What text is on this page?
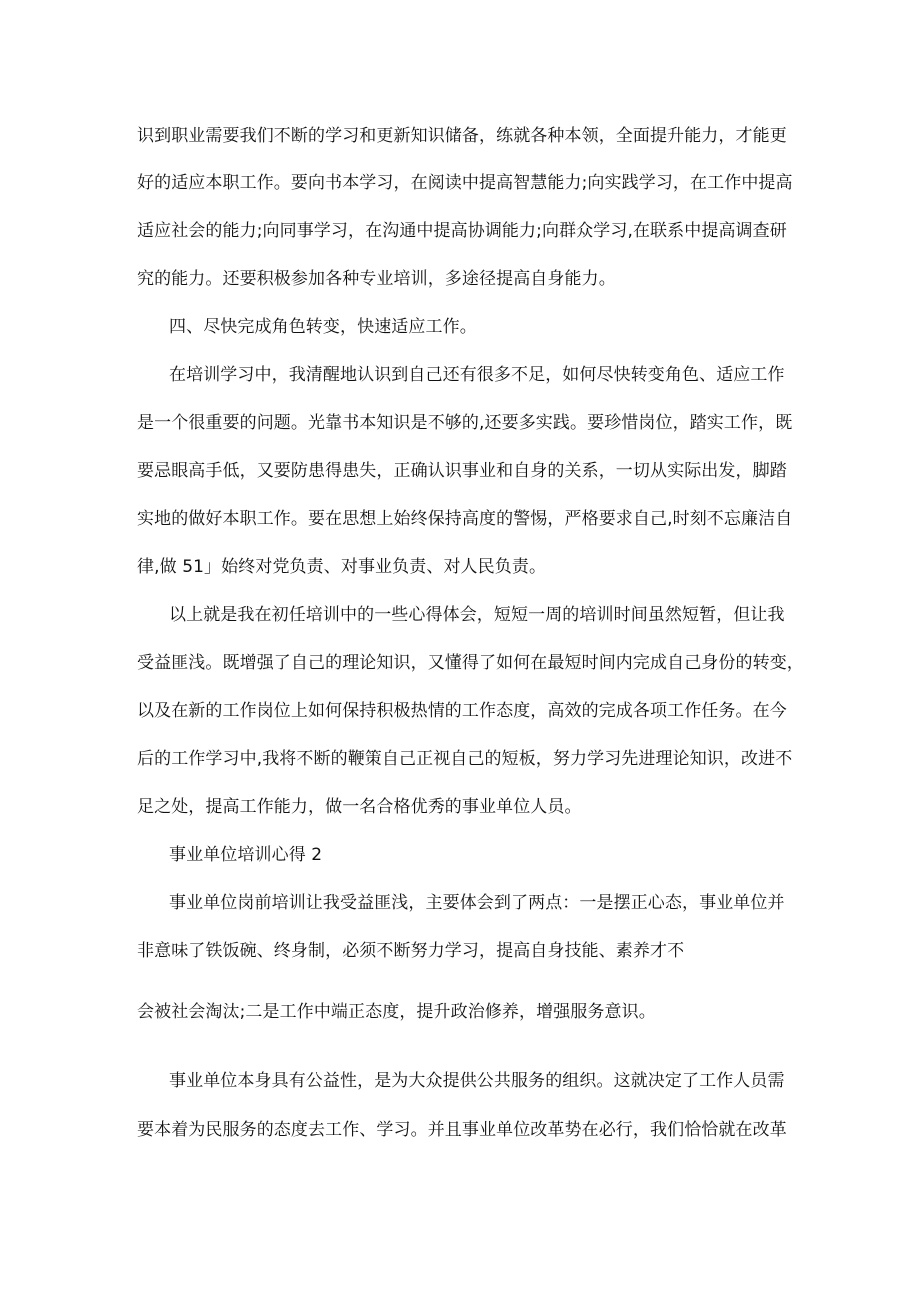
识到职业需要我们不断的学习和更新知识储备，练就各种本领，全面提升能力，才能更
好的适应本职工作。要向书本学习，在阅读中提高智慧能力;向实践学习，在工作中提高
适应社会的能力;向同事学习，在沟通中提高协调能力;向群众学习,在联系中提高调查研
究的能力。还要积极参加各种专业培训，多途径提高自身能力。
四、尽快完成角色转变，快速适应工作。
在培训学习中，我清醒地认识到自己还有很多不足，如何尽快转变角色、适应工作
是一个很重要的问题。光靠书本知识是不够的,还要多实践。要珍惜岗位，踏实工作，既
要忌眼高手低，又要防患得患失，正确认识事业和自身的关系，一切从实际出发，脚踏
实地的做好本职工作。要在思想上始终保持高度的警惕，严格要求自己,时刻不忘廉洁自
律,做 51」始终对党负责、对事业负责、对人民负责。
以上就是我在初任培训中的一些心得体会，短短一周的培训时间虽然短暂，但让我
受益匪浅。既增强了自己的理论知识，又懂得了如何在最短时间内完成自己身份的转变，
以及在新的工作岗位上如何保持积极热情的工作态度，高效的完成各项工作任务。在今
后的工作学习中,我将不断的鞭策自己正视自己的短板，努力学习先进理论知识，改进不
足之处，提高工作能力，做一名合格优秀的事业单位人员。
事业单位培训心得 2
事业单位岗前培训让我受益匪浅，主要体会到了两点：一是摆正心态，事业单位并
非意味了铁饭碗、终身制，必须不断努力学习，提高自身技能、素养才不
会被社会淘汰;二是工作中端正态度，提升政治修养，增强服务意识。
事业单位本身具有公益性，是为大众提供公共服务的组织。这就决定了工作人员需
要本着为民服务的态度去工作、学习。并且事业单位改革势在必行，我们恰恰就在改革
